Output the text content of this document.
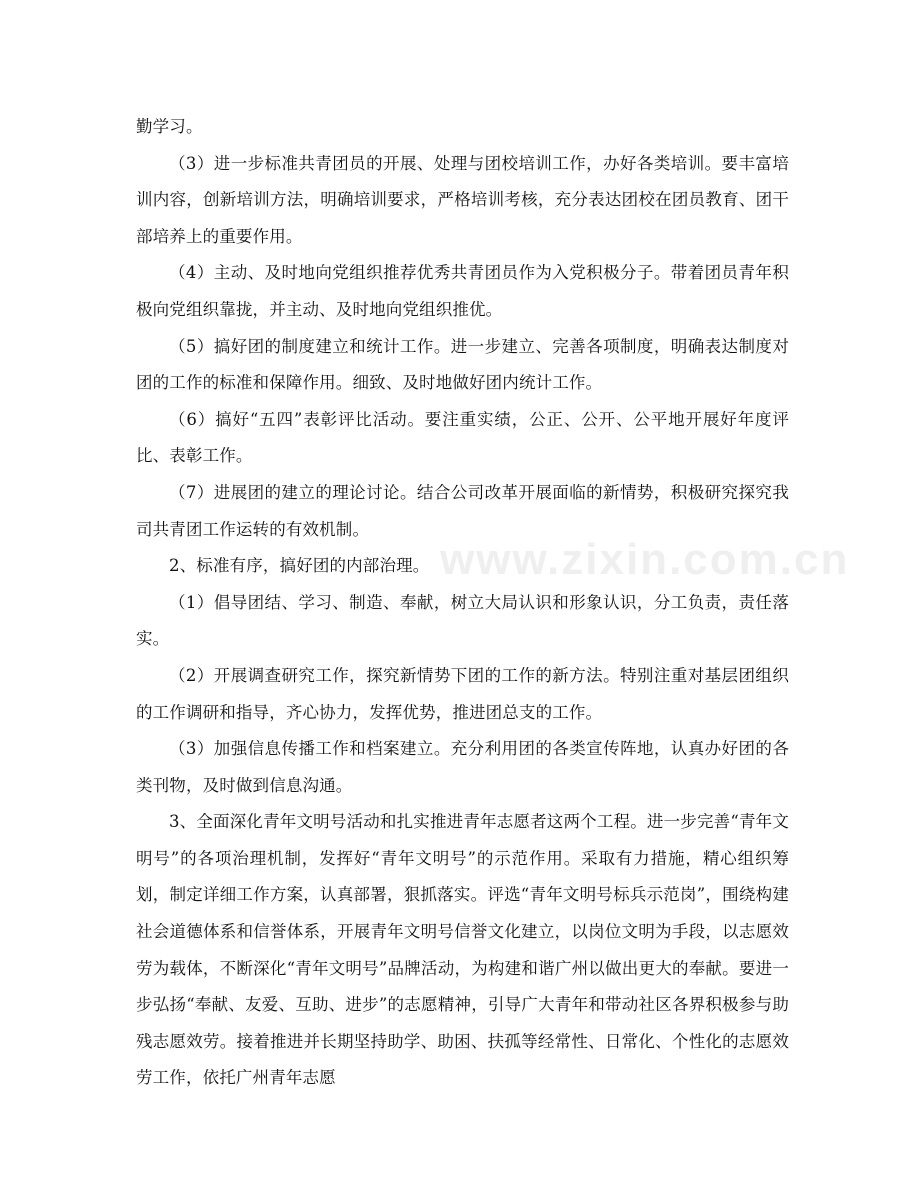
勤学习。

（3）进一步标准共青团员的开展、处理与团校培训工作，办好各类培训。要丰富培训内容，创新培训方法，明确培训要求，严格培训考核，充分表达团校在团员教育、团干部培养上的重要作用。

（4）主动、及时地向党组织推荐优秀共青团员作为入党积极分子。带着团员青年积极向党组织靠拢，并主动、及时地向党组织推优。

（5）搞好团的制度建立和统计工作。进一步建立、完善各项制度，明确表达制度对团的工作的标准和保障作用。细致、及时地做好团内统计工作。

（6）搞好“五四”表彰评比活动。要注重实绩，公正、公开、公平地开展好年度评比、表彰工作。

（7）进展团的建立的理论讨论。结合公司改革开展面临的新情势，积极研究探究我司共青团工作运转的有效机制。

2、标准有序，搞好团的内部治理。

（1）倡导团结、学习、制造、奉献，树立大局认识和形象认识，分工负责，责任落实。

（2）开展调查研究工作，探究新情势下团的工作的新方法。特别注重对基层团组织的工作调研和指导，齐心协力，发挥优势，推进团总支的工作。

（3）加强信息传播工作和档案建立。充分利用团的各类宣传阵地，认真办好团的各类刊物，及时做到信息沟通。

3、全面深化青年文明号活动和扎实推进青年志愿者这两个工程。进一步完善“青年文明号”的各项治理机制，发挥好“青年文明号”的示范作用。采取有力措施，精心组织筹划，制定详细工作方案，认真部署，狠抓落实。评选“青年文明号标兵示范岗”，围绕构建社会道德体系和信誉体系，开展青年文明号信誉文化建立，以岗位文明为手段，以志愿效劳为载体，不断深化“青年文明号”品牌活动，为构建和谐广州以做出更大的奉献。要进一步弘扬“奉献、友爱、互助、进步”的志愿精神，引导广大青年和带动社区各界积极参与助残志愿效劳。接着推进并长期坚持助学、助困、扶孤等经常性、日常化、个性化的志愿效劳工作，依托广州青年志愿

www.zixin.com.cn
